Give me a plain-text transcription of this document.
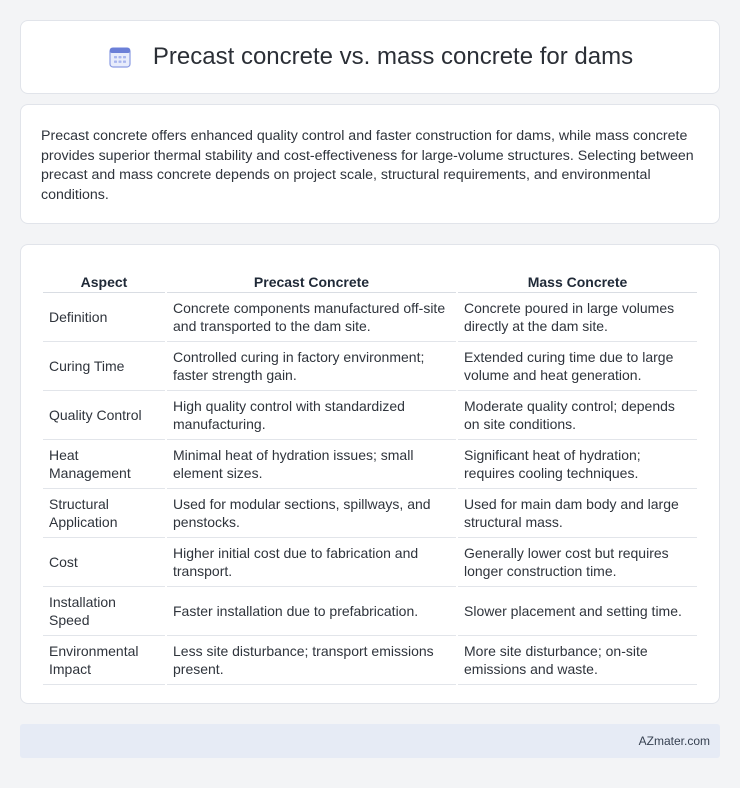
Precast concrete vs. mass concrete for dams

Precast concrete offers enhanced quality control and faster construction for dams, while mass concrete provides superior thermal stability and cost-effectiveness for large-volume structures. Selecting between precast and mass concrete depends on project scale, structural requirements, and environmental conditions.

Aspect	Precast Concrete	Mass Concrete
Definition	Concrete components manufactured off-site and transported to the dam site.	Concrete poured in large volumes directly at the dam site.
Curing Time	Controlled curing in factory environment; faster strength gain.	Extended curing time due to large volume and heat generation.
Quality Control	High quality control with standardized manufacturing.	Moderate quality control; depends on site conditions.
Heat Management	Minimal heat of hydration issues; small element sizes.	Significant heat of hydration; requires cooling techniques.
Structural Application	Used for modular sections, spillways, and penstocks.	Used for main dam body and large structural mass.
Cost	Higher initial cost due to fabrication and transport.	Generally lower cost but requires longer construction time.
Installation Speed	Faster installation due to prefabrication.	Slower placement and setting time.
Environmental Impact	Less site disturbance; transport emissions present.	More site disturbance; on-site emissions and waste.
AZmater.com
